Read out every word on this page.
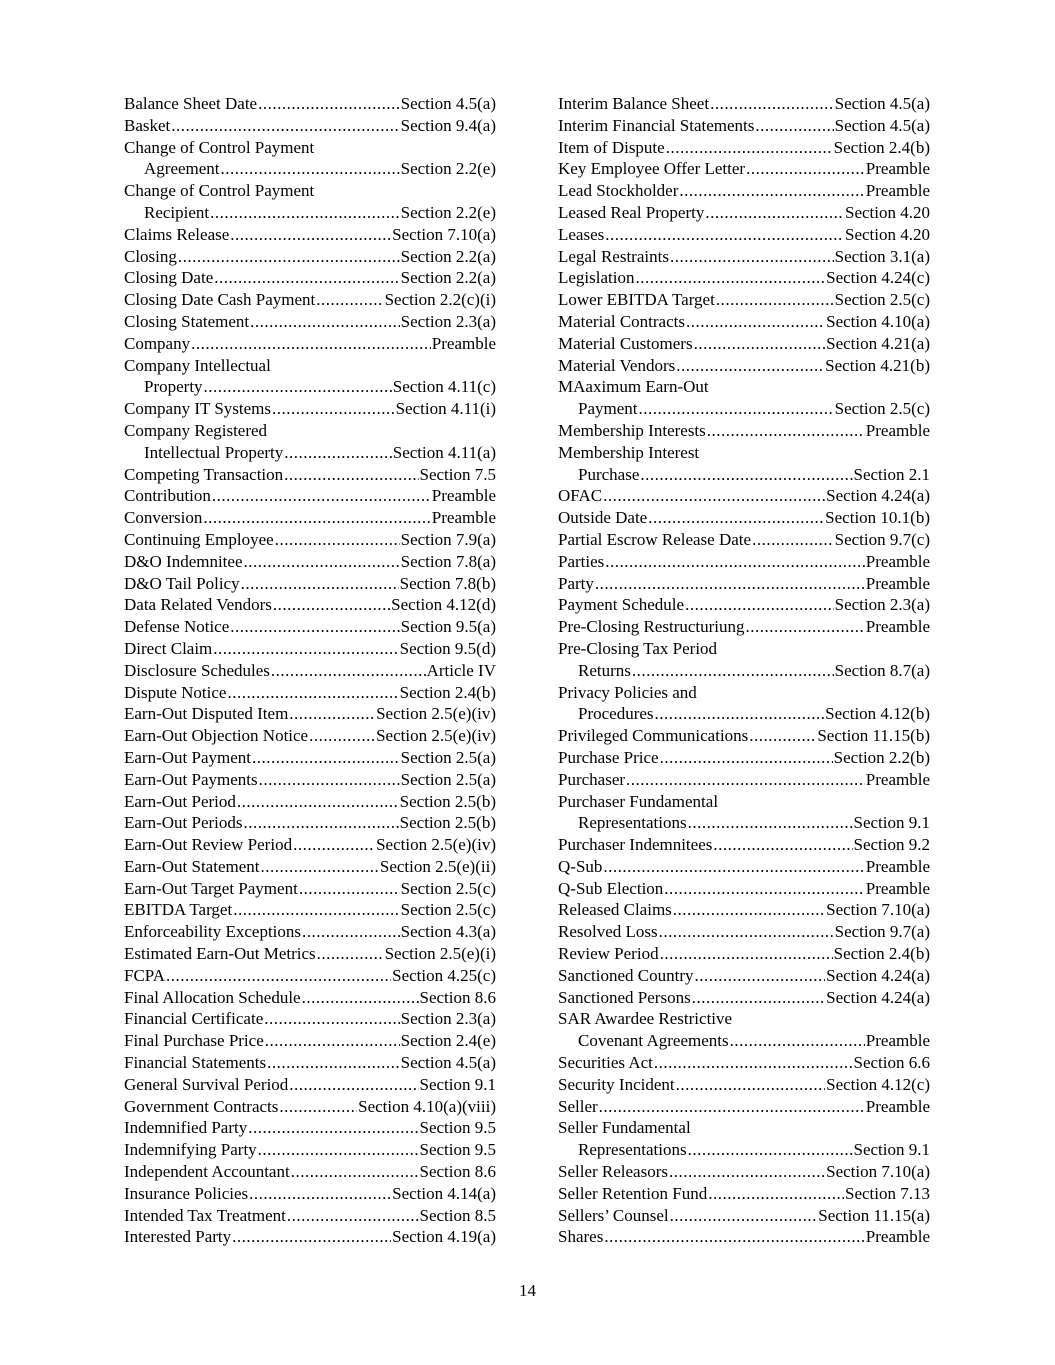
Balance Sheet Date .....	Section 4.5(a)
Basket .....	Section 9.4(a)
Change of Control Payment
Agreement .....	Section 2.2(e)
Change of Control Payment
Recipient .....	Section 2.2(e)
Claims Release .....	Section 7.10(a)
Closing .....	Section 2.2(a)
Closing Date .....	Section 2.2(a)
Closing Date Cash Payment .....	Section 2.2(c)(i)
Closing Statement .....	Section 2.3(a)
Company .....	Preamble
Company Intellectual
Property .....	Section 4.11(c)
Company IT Systems .....	Section 4.11(i)
Company Registered
Intellectual Property .....	Section 4.11(a)
Competing Transaction .....	Section 7.5
Contribution .....	Preamble
Conversion .....	Preamble
Continuing Employee .....	Section 7.9(a)
D&O Indemnitee .....	Section 7.8(a)
D&O Tail Policy .....	Section 7.8(b)
Data Related Vendors .....	Section 4.12(d)
Defense Notice .....	Section 9.5(a)
Direct Claim .....	Section 9.5(d)
Disclosure Schedules .....	Article IV
Dispute Notice .....	Section 2.4(b)
Earn-Out Disputed Item .....	Section 2.5(e)(iv)
Earn-Out Objection Notice .....	Section 2.5(e)(iv)
Earn-Out Payment .....	Section 2.5(a)
Earn-Out Payments .....	Section 2.5(a)
Earn-Out Period .....	Section 2.5(b)
Earn-Out Periods .....	Section 2.5(b)
Earn-Out Review Period .....	Section 2.5(e)(iv)
Earn-Out Statement .....	Section 2.5(e)(ii)
Earn-Out Target Payment .....	Section 2.5(c)
EBITDA Target .....	Section 2.5(c)
Enforceability Exceptions .....	Section 4.3(a)
Estimated Earn-Out Metrics .....	Section 2.5(e)(i)
FCPA .....	Section 4.25(c)
Final Allocation Schedule .....	Section 8.6
Financial Certificate .....	Section 2.3(a)
Final Purchase Price .....	Section 2.4(e)
Financial Statements .....	Section 4.5(a)
General Survival Period .....	Section 9.1
Government Contracts .....	Section 4.10(a)(viii)
Indemnified Party .....	Section 9.5
Indemnifying Party .....	Section 9.5
Independent Accountant .....	Section 8.6
Insurance Policies .....	Section 4.14(a)
Intended Tax Treatment .....	Section 8.5
Interested Party .....	Section 4.19(a)
Interim Balance Sheet .....	Section 4.5(a)
Interim Financial Statements .....	Section 4.5(a)
Item of Dispute .....	Section 2.4(b)
Key Employee Offer Letter .....	Preamble
Lead Stockholder .....	Preamble
Leased Real Property .....	Section 4.20
Leases .....	Section 4.20
Legal Restraints .....	Section 3.1(a)
Legislation .....	Section 4.24(c)
Lower EBITDA Target .....	Section 2.5(c)
Material Contracts .....	Section 4.10(a)
Material Customers .....	Section 4.21(a)
Material Vendors .....	Section 4.21(b)
MAaximum Earn-Out
Payment .....	Section 2.5(c)
Membership Interests .....	Preamble
Membership Interest
Purchase .....	Section 2.1
OFAC .....	Section 4.24(a)
Outside Date .....	Section 10.1(b)
Partial Escrow Release Date .....	Section 9.7(c)
Parties .....	Preamble
Party .....	Preamble
Payment Schedule .....	Section 2.3(a)
Pre-Closing Restructuriung .....	Preamble
Pre-Closing Tax Period
Returns .....	Section 8.7(a)
Privacy Policies and
Procedures .....	Section 4.12(b)
Privileged Communications .....	Section 11.15(b)
Purchase Price .....	Section 2.2(b)
Purchaser .....	Preamble
Purchaser Fundamental
Representations .....	Section 9.1
Purchaser Indemnitees .....	Section 9.2
Q-Sub .....	Preamble
Q-Sub Election .....	Preamble
Released Claims .....	Section 7.10(a)
Resolved Loss .....	Section 9.7(a)
Review Period .....	Section 2.4(b)
Sanctioned Country .....	Section 4.24(a)
Sanctioned Persons .....	Section 4.24(a)
SAR Awardee Restrictive
Covenant Agreements .....	Preamble
Securities Act .....	Section 6.6
Security Incident .....	Section 4.12(c)
Seller .....	Preamble
Seller Fundamental
Representations .....	Section 9.1
Seller Releasors .....	Section 7.10(a)
Seller Retention Fund .....	Section 7.13
Sellers’ Counsel .....	Section 11.15(a)
Shares .....	Preamble
14
